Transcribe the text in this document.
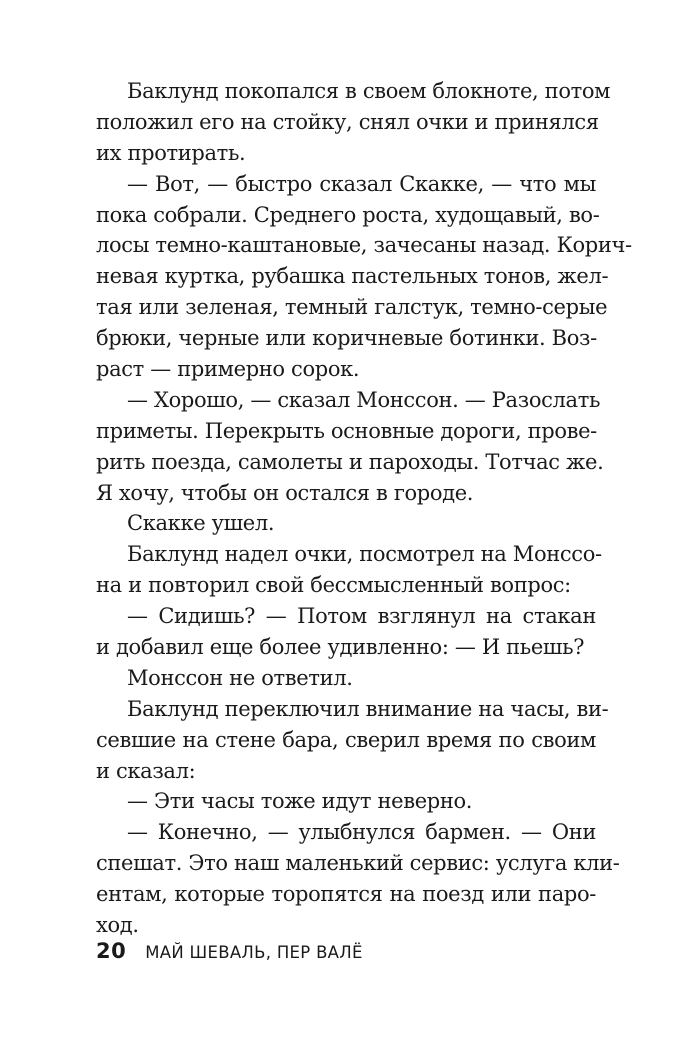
Баклунд покопался в своем блокноте, потом
положил его на стойку, снял очки и принялся
их протирать.
— Вот, — быстро сказал Скакке, — что мы
пока собрали. Среднего роста, худощавый, во-
лосы темно-каштановые, зачесаны назад. Корич-
невая куртка, рубашка пастельных тонов, жел-
тая или зеленая, темный галстук, темно-серые
брюки, черные или коричневые ботинки. Воз-
раст — примерно сорок.
— Хорошо, — сказал Монссон. — Разослать
приметы. Перекрыть основные дороги, прове-
рить поезда, самолеты и пароходы. Тотчас же.
Я хочу, чтобы он остался в городе.
Скакке ушел.
Баклунд надел очки, посмотрел на Монссо-
на и повторил свой бессмысленный вопрос:
— Сидишь? — Потом взглянул на стакан
и добавил еще более удивленно: — И пьешь?
Монссон не ответил.
Баклунд переключил внимание на часы, ви-
севшие на стене бара, сверил время по своим
и сказал:
— Эти часы тоже идут неверно.
— Конечно, — улыбнулся бармен. — Они
спешат. Это наш маленький сервис: услуга кли-
ентам, которые торопятся на поезд или паро-
ход.
20 МАЙ ШЕВАЛЬ, ПЕР ВАЛЁ
